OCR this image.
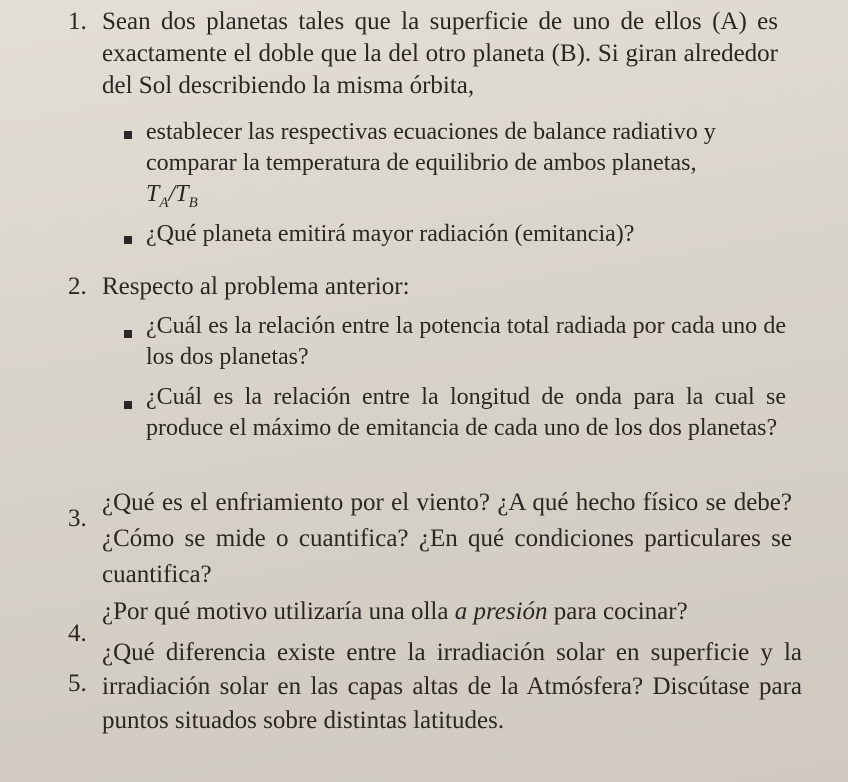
1. Sean dos planetas tales que la superficie de uno de ellos (A) es exactamente el doble que la del otro planeta (B). Si giran alrededor del Sol describiendo la misma órbita,
establecer las respectivas ecuaciones de balance radiativo y comparar la temperatura de equilibrio de ambos planetas,
$T_A/T_B$
¿Qué planeta emitirá mayor radiación (emitancia)?
2. Respecto al problema anterior:
¿Cuál es la relación entre la potencia total radiada por cada uno de los dos planetas?
¿Cuál es la relación entre la longitud de onda para la cual se produce el máximo de emitancia de cada uno de los dos planetas?
3.
¿Qué es el enfriamiento por el viento? ¿A qué hecho físico se debe? ¿Cómo se mide o cuantifica? ¿En qué condiciones particulares se cuantifica?
4.
¿Por qué motivo utilizaría una olla a presión para cocinar?
5.
¿Qué diferencia existe entre la irradiación solar en superficie y la irradiación solar en las capas altas de la Atmósfera? Discútase para puntos situados sobre distintas latitudes.
